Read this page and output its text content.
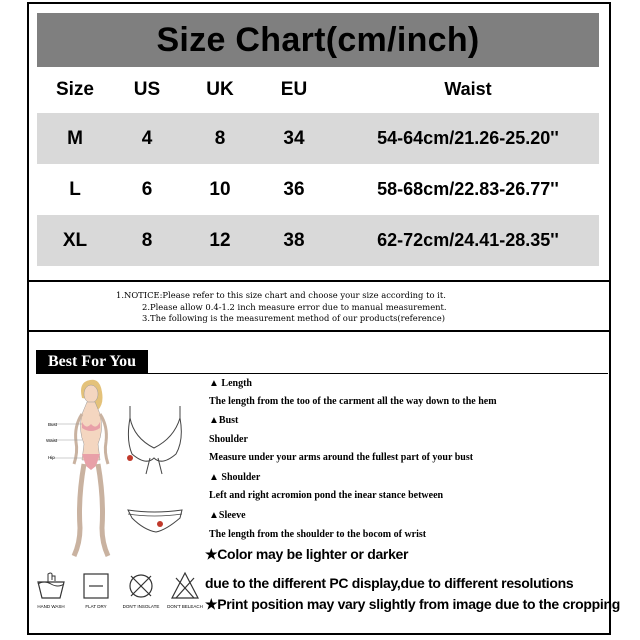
Size Chart(cm/inch)
Size	US	UK	EU	Waist
M	4	8	34	54-64cm/21.26-25.20''
L	6	10	36	58-68cm/22.83-26.77''
XL	8	12	38	62-72cm/24.41-28.35''
1.NOTICE:Please refer to this size chart and choose your size according to it.
2.Please allow 0.4-1.2 inch measure error due to manual measurement.
3.The following is the measurement method of our products(reference)
Best For You
Bust
Waist
Hip
▲ Length
The length from the too of the carment all the way down to the hem
▲Bust
Shoulder
Measure under your arms around the fullest part of your bust
▲ Shoulder
Left and right acromion pond the inear stance between
▲Sleeve
The length from the shoulder to the bocom of wrist
★Color may be lighter or darker
due to the different PC display,due to different resolutions
★Print position may vary slightly from image due to the cropping
HAND WASH	FLAT DRY	DON'T INSOLATE	DON'T BELEACH
